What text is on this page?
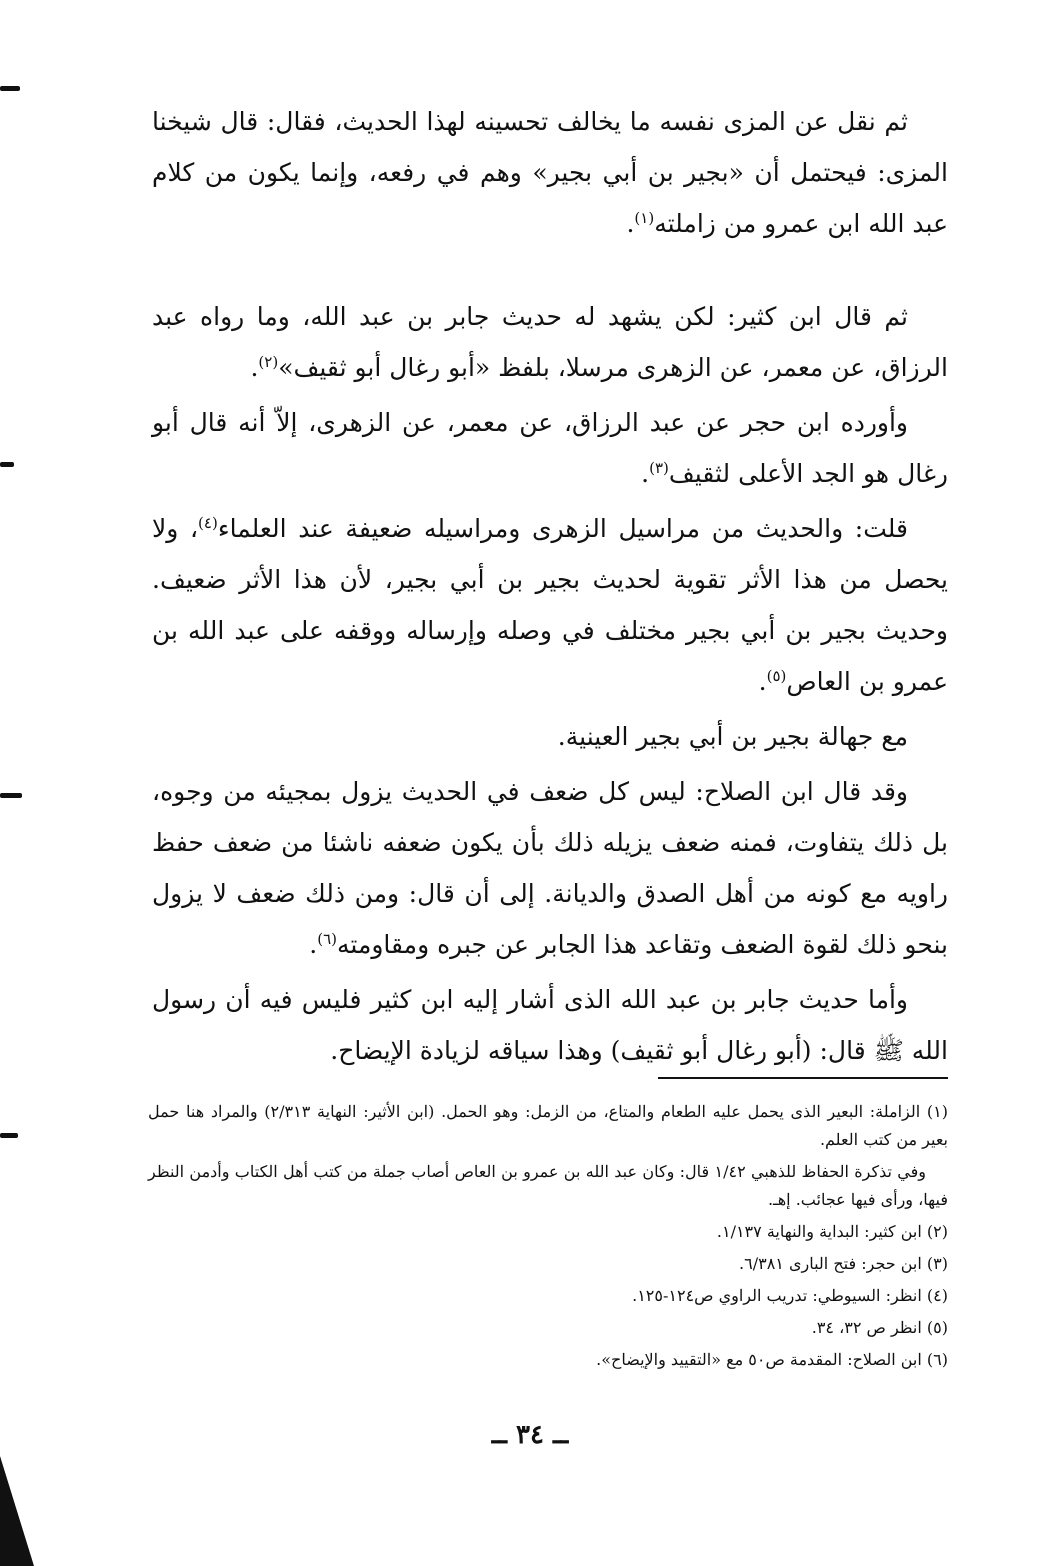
ثم نقل عن المزى نفسه ما يخالف تحسينه لهذا الحديث، فقال: قال شيخنا المزى: فيحتمل أن «بجير بن أبي بجير» وهم في رفعه، وإنما يكون من كلام عبد الله ابن عمرو من زاملته$^{(١)}$.

ثم قال ابن كثير: لكن يشهد له حديث جابر بن عبد الله، وما رواه عبد الرزاق، عن معمر، عن الزهرى مرسلا، بلفظ «أبو رغال أبو ثقيف»$^{(٢)}$.

وأورده ابن حجر عن عبد الرزاق، عن معمر، عن الزهرى، إلاّ أنه قال أبو رغال هو الجد الأعلى لثقيف$^{(٣)}$.

قلت: والحديث من مراسيل الزهرى ومراسيله ضعيفة عند العلماء$^{(٤)}$، ولا يحصل من هذا الأثر تقوية لحديث بجير بن أبي بجير، لأن هذا الأثر ضعيف. وحديث بجير بن أبي بجير مختلف في وصله وإرساله ووقفه على عبد الله بن عمرو بن العاص$^{(٥)}$.

مع جهالة بجير بن أبي بجير العينية.

وقد قال ابن الصلاح: ليس كل ضعف في الحديث يزول بمجيئه من وجوه، بل ذلك يتفاوت، فمنه ضعف يزيله ذلك بأن يكون ضعفه ناشئا من ضعف حفظ راويه مع كونه من أهل الصدق والديانة. إلى أن قال: ومن ذلك ضعف لا يزول بنحو ذلك لقوة الضعف وتقاعد هذا الجابر عن جبره ومقاومته$^{(٦)}$.

وأما حديث جابر بن عبد الله الذى أشار إليه ابن كثير فليس فيه أن رسول الله ﷺ قال: (أبو رغال أبو ثقيف) وهذا سياقه لزيادة الإيضاح.

(١) الزاملة: البعير الذى يحمل عليه الطعام والمتاع، من الزمل: وهو الحمل. (ابن الأثير: النهاية ٢/٣١٣) والمراد هنا حمل بعير من كتب العلم.

وفي تذكرة الحفاظ للذهبي ١/٤٢ قال: وكان عبد الله بن عمرو بن العاص أصاب جملة من كتب أهل الكتاب وأدمن النظر فيها، ورأى فيها عجائب. إهـ.

(٢) ابن كثير: البداية والنهاية ١/١٣٧.

(٣) ابن حجر: فتح البارى ٦/٣٨١.

(٤) انظر: السيوطي: تدريب الراوي ص١٢٤-١٢٥.

(٥) انظر ص ٣٢، ٣٤.

(٦) ابن الصلاح: المقدمة ص٥٠ مع «التقييد والإيضاح».

ــ ٣٤ ــ
